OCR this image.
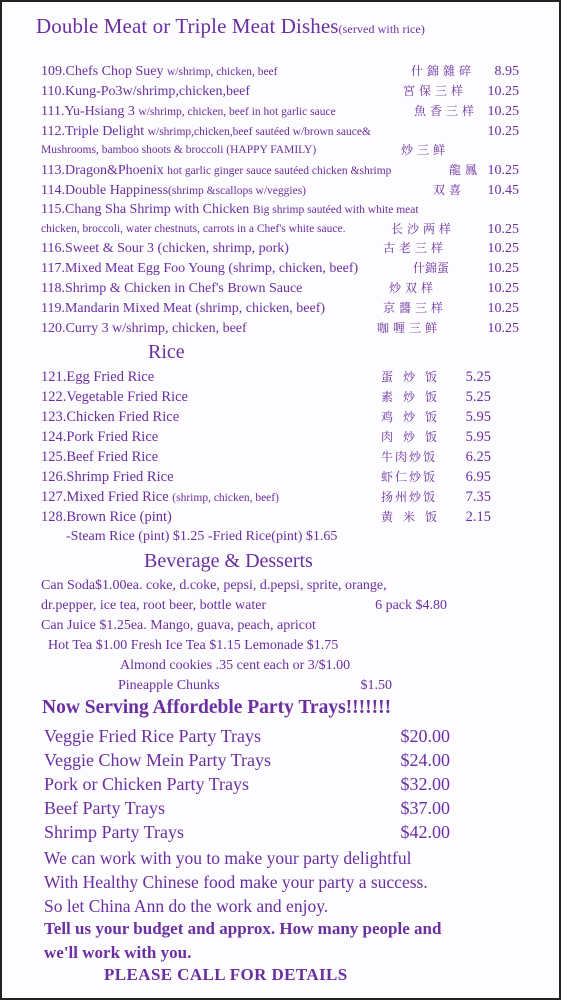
Double Meat or Triple Meat Dishes(served with rice)
109.Chefs Chop Suey w/shrimp, chicken, beef	什錦雜碎 8.95
110.Kung-Po3w/shrimp,chicken,beef	宮保三样 10.25
111.Yu-Hsiang 3 w/shrimp, chicken, beef in hot garlic sauce	魚香三样 10.25
112.Triple Delight w/shrimp,chicken,beef sautéed w/brown sauce&	10.25
Mushrooms, bamboo shoots & broccoli (HAPPY FAMILY)	炒三鲜
113.Dragon&Phoenix hot garlic ginger sauce sautéed chicken &shrimp	龍鳳 10.25
114.Double Happiness(shrimp &scallops w/veggies)	双喜 10.45
115.Chang Sha Shrimp with Chicken Big shrimp sautéed with white meat
chicken, broccoli, water chestnuts, carrots in a Chef's white sauce.	长沙两样 10.25
116.Sweet & Sour 3 (chicken, shrimp, pork)	古老三样	10.25
117.Mixed Meat Egg Foo Young (shrimp, chicken, beef)	什錦蛋	10.25
118.Shrimp & Chicken in Chef's Brown Sauce	炒双样	10.25
119.Mandarin Mixed Meat (shrimp, chicken, beef)	京醬三样	10.25
120.Curry 3 w/shrimp, chicken, beef	咖喱三鲜	10.25
Rice
121.Egg Fried Rice	蛋炒饭 5.25
122.Vegetable Fried Rice	素炒饭 5.25
123.Chicken Fried Rice	鸡炒饭 5.95
124.Pork Fried Rice	肉炒饭 5.95
125.Beef Fried Rice	牛肉炒饭 6.25
126.Shrimp Fried Rice	虾仁炒饭 6.95
127.Mixed Fried Rice (shrimp, chicken, beef)	扬州炒饭 7.35
128.Brown Rice (pint)	黄米饭 2.15
-Steam Rice (pint) $1.25 -Fried Rice(pint) $1.65
Beverage & Desserts
Can Soda$1.00ea. coke, d.coke, pepsi, d.pepsi, sprite, orange,
dr.pepper, ice tea, root beer, bottle water	6 pack $4.80
Can Juice $1.25ea. Mango, guava, peach, apricot
Hot Tea $1.00 Fresh Ice Tea $1.15 Lemonade $1.75
Almond cookies .35 cent each or 3/$1.00
Pineapple Chunks	$1.50
Now Serving Affordeble Party Trays!!!!!!!
Veggie Fried Rice Party Trays	$20.00
Veggie Chow Mein Party Trays	$24.00
Pork or Chicken Party Trays	$32.00
Beef Party Trays	$37.00
Shrimp Party Trays	$42.00
We can work with you to make your party delightful
With Healthy Chinese food make your party a success.
So let China Ann do the work and enjoy.
Tell us your budget and approx. How many people and
we'll work with you.
PLEASE CALL FOR DETAILS
